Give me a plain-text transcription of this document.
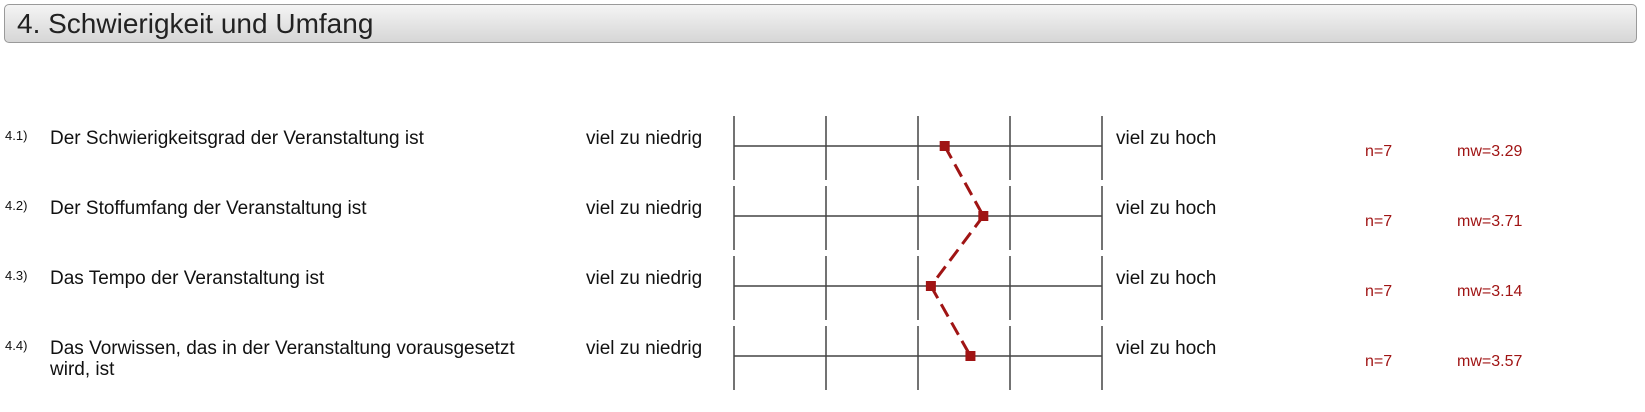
4. Schwierigkeit und Umfang
4.1) Der Schwierigkeitsgrad der Veranstaltung ist	viel zu niedrig	viel zu hoch
n=7	mw=3.29
4.2) Der Stoffumfang der Veranstaltung ist	viel zu niedrig	viel zu hoch
n=7	mw=3.71
4.3) Das Tempo der Veranstaltung ist	viel zu niedrig	viel zu hoch
n=7	mw=3.14
4.4) Das Vorwissen, das in der Veranstaltung vorausgesetzt wird, ist
viel zu niedrig	viel zu hoch
n=7	mw=3.57
